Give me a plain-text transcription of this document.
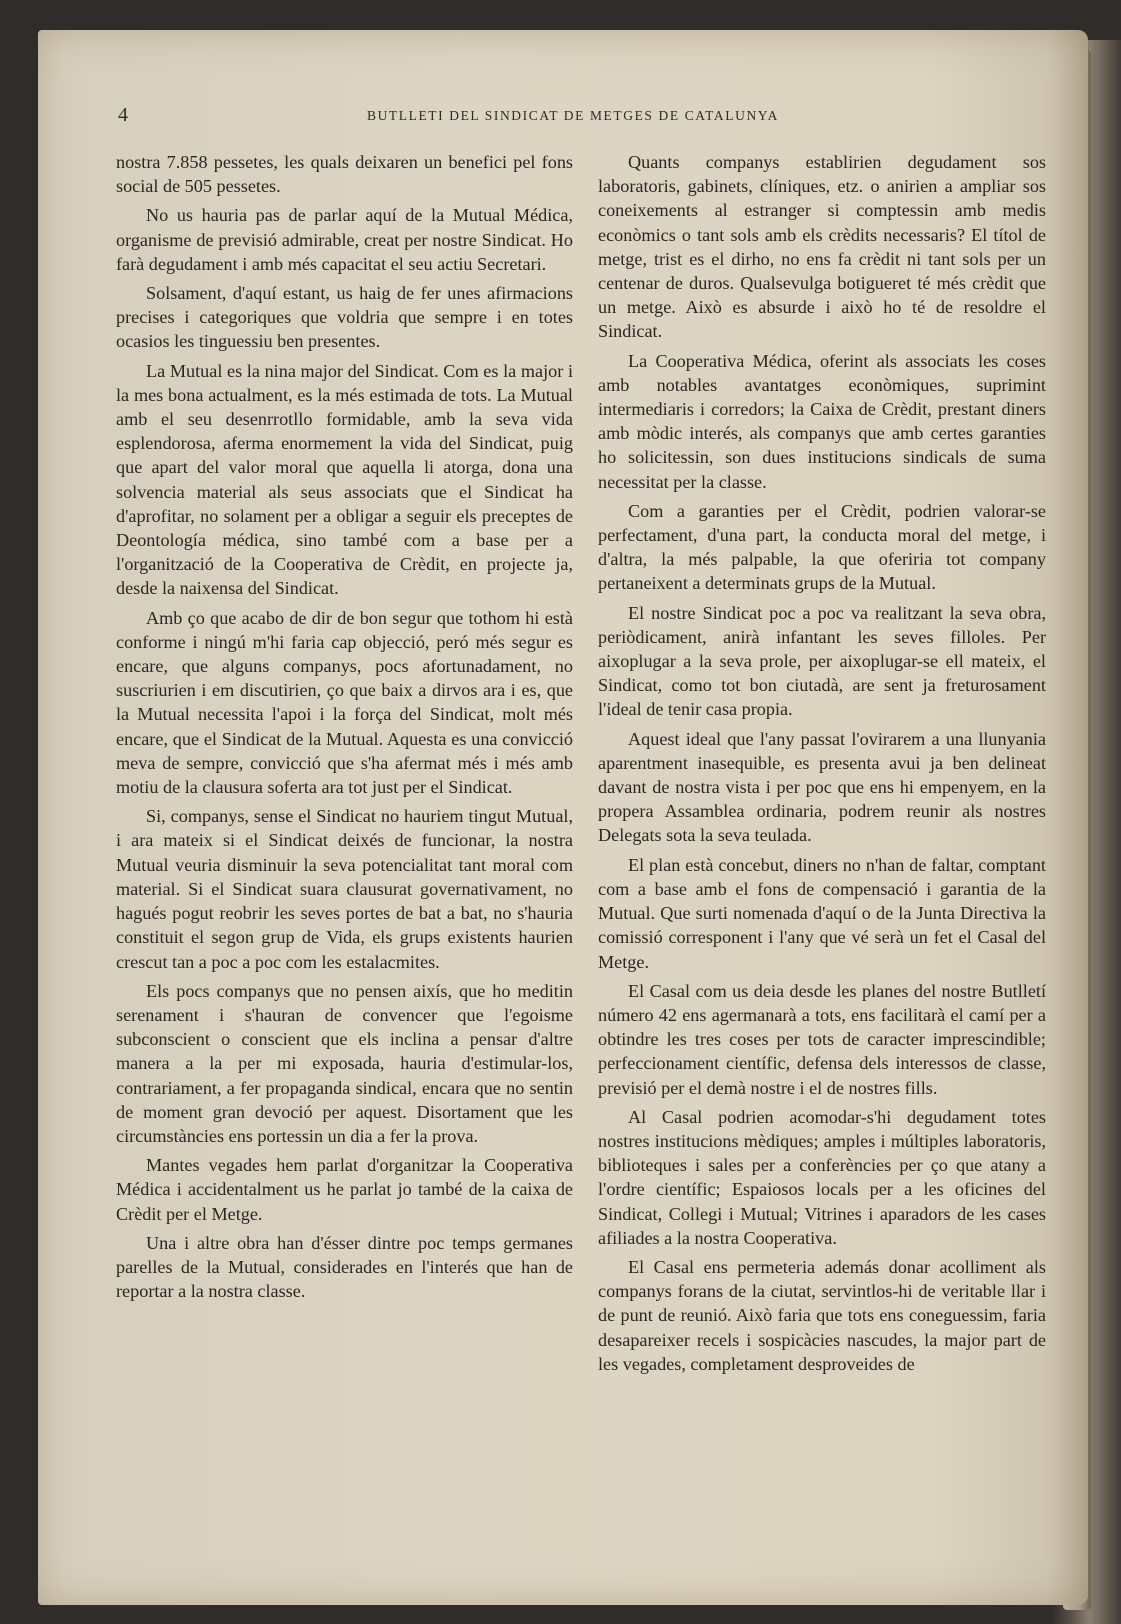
4	BUTLLETI DEL SINDICAT DE METGES DE CATALUNYA

nostra 7.858 pessetes, les quals deixaren un benefici pel fons social de 505 pessetes.

No us hauria pas de parlar aquí de la Mutual Médica, organisme de previsió admirable, creat per nostre Sindicat. Ho farà degudament i amb més capacitat el seu actiu Secretari.

Solsament, d'aquí estant, us haig de fer unes afirmacions precises i categoriques que voldria que sempre i en totes ocasios les tinguessiu ben presentes.

La Mutual es la nina major del Sindicat. Com es la major i la mes bona actualment, es la més estimada de tots. La Mutual amb el seu desenrrotllo formidable, amb la seva vida esplendorosa, aferma enormement la vida del Sindicat, puig que apart del valor moral que aquella li atorga, dona una solvencia material als seus associats que el Sindicat ha d'aprofitar, no solament per a obligar a seguir els preceptes de Deontología médica, sino també com a base per a l'organització de la Cooperativa de Crèdit, en projecte ja, desde la naixensa del Sindicat.

Amb ço que acabo de dir de bon segur que tothom hi està conforme i ningú m'hi faria cap objecció, peró més segur es encare, que alguns companys, pocs afortunadament, no suscriurien i em discutirien, ço que baix a dirvos ara i es, que la Mutual necessita l'apoi i la força del Sindicat, molt més encare, que el Sindicat de la Mutual. Aquesta es una convicció meva de sempre, convicció que s'ha afermat més i més amb motiu de la clausura soferta ara tot just per el Sindicat.

Si, companys, sense el Sindicat no hauriem tingut Mutual, i ara mateix si el Sindicat deixés de funcionar, la nostra Mutual veuria disminuir la seva potencialitat tant moral com material. Si el Sindicat suara clausurat governativament, no hagués pogut reobrir les seves portes de bat a bat, no s'hauria constituit el segon grup de Vida, els grups existents haurien crescut tan a poc a poc com les estalacmites.

Els pocs companys que no pensen aixís, que ho meditin serenament i s'hauran de convencer que l'egoisme subconscient o conscient que els inclina a pensar d'altre manera a la per mi exposada, hauria d'estimular-los, contrariament, a fer propaganda sindical, encara que no sentin de moment gran devoció per aquest. Disortament que les circumstàncies ens portessin un dia a fer la prova.

Mantes vegades hem parlat d'organitzar la Cooperativa Médica i accidentalment us he parlat jo també de la caixa de Crèdit per el Metge.

Una i altre obra han d'ésser dintre poc temps germanes parelles de la Mutual, considerades en l'interés que han de reportar a la nostra classe.

Quants companys establirien degudament sos laboratoris, gabinets, clíniques, etz. o anirien a ampliar sos coneixements al estranger si comptessin amb medis econòmics o tant sols amb els crèdits necessaris? El títol de metge, trist es el dirho, no ens fa crèdit ni tant sols per un centenar de duros. Qualsevulga botigueret té més crèdit que un metge. Això es absurde i això ho té de resoldre el Sindicat.

La Cooperativa Médica, oferint als associats les coses amb notables avantatges econòmiques, suprimint intermediaris i corredors; la Caixa de Crèdit, prestant diners amb mòdic interés, als companys que amb certes garanties ho solicitessin, son dues institucions sindicals de suma necessitat per la classe.

Com a garanties per el Crèdit, podrien valorar-se perfectament, d'una part, la conducta moral del metge, i d'altra, la més palpable, la que oferiria tot company pertaneixent a determinats grups de la Mutual.

El nostre Sindicat poc a poc va realitzant la seva obra, periòdicament, anirà infantant les seves filloles. Per aixoplugar a la seva prole, per aixoplugar-se ell mateix, el Sindicat, como tot bon ciutadà, are sent ja freturosament l'ideal de tenir casa propia.

Aquest ideal que l'any passat l'ovirarem a una llunyania aparentment inasequible, es presenta avui ja ben delineat davant de nostra vista i per poc que ens hi empenyem, en la propera Assamblea ordinaria, podrem reunir als nostres Delegats sota la seva teulada.

El plan està concebut, diners no n'han de faltar, comptant com a base amb el fons de compensació i garantia de la Mutual. Que surti nomenada d'aquí o de la Junta Directiva la comissió corresponent i l'any que vé serà un fet el Casal del Metge.

El Casal com us deia desde les planes del nostre Butlletí número 42 ens agermanarà a tots, ens facilitarà el camí per a obtindre les tres coses per tots de caracter imprescindible; perfeccionament científic, defensa dels interessos de classe, previsió per el demà nostre i el de nostres fills.

Al Casal podrien acomodar-s'hi degudament totes nostres institucions mèdiques; amples i múltiples laboratoris, biblioteques i sales per a conferències per ço que atany a l'ordre científic; Espaiosos locals per a les oficines del Sindicat, Collegi i Mutual; Vitrines i aparadors de les cases afiliades a la nostra Cooperativa.

El Casal ens permeteria además donar acolliment als companys forans de la ciutat, servintlos-hi de veritable llar i de punt de reunió. Això faria que tots ens coneguessim, faria desapareixer recels i sospicàcies nascudes, la major part de les vegades, completament desproveides de
